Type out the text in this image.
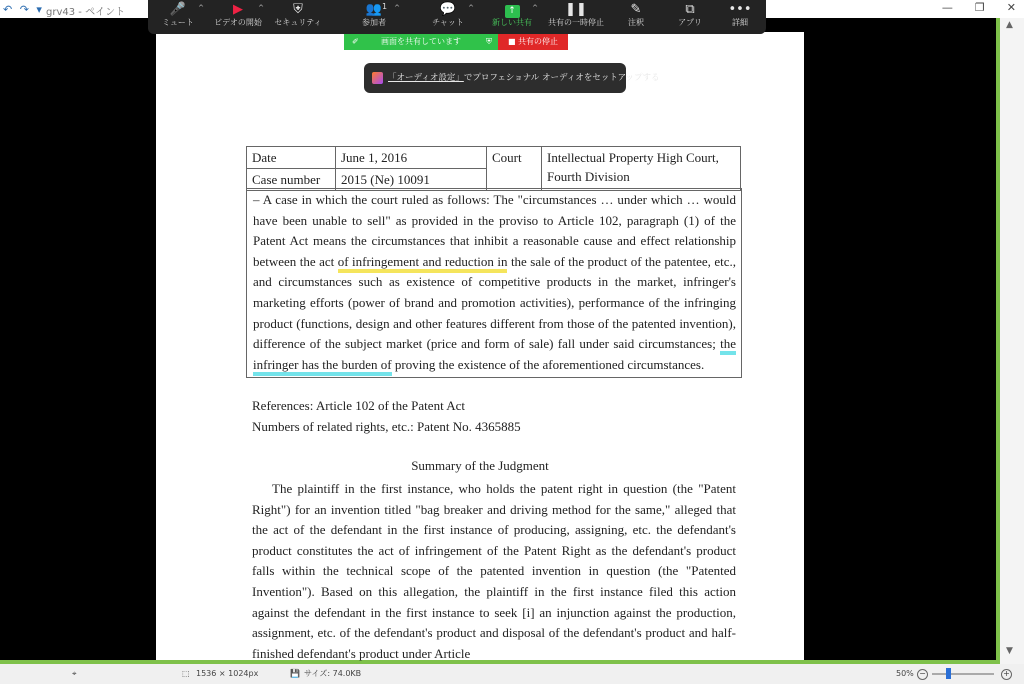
↶ ↷ ▾ grv43 - ペイント	— ❐ ✕
▲
▼
Date	June 1, 2016	Court	Intellectual Property High Court, Fourth Division
Case number	2015 (Ne) 10091		
– A case in which the court ruled as follows: The "circumstances … under which … would have been unable to sell" as provided in the proviso to Article 102, paragraph (1) of the Patent Act means the circumstances that inhibit a reasonable cause and effect relationship between the act of infringement and reduction in the sale of the product of the patentee, etc., and circumstances such as existence of competitive products in the market, infringer's marketing efforts (power of brand and promotion activities), performance of the infringing product (functions, design and other features different from those of the patented invention), difference of the subject market (price and form of sale) fall under said circumstances; the infringer has the burden of proving the existence of the aforementioned circumstances.
References: Article 102 of the Patent Act
Numbers of related rights, etc.: Patent No. 4365885
Summary of the Judgment
The plaintiff in the first instance, who holds the patent right in question (the "Patent Right") for an invention titled "bag breaker and driving method for the same," alleged that the act of the defendant in the first instance of producing, assigning, etc. the defendant's product constitutes the act of infringement of the Patent Right as the defendant's product falls within the technical scope of the patented invention in question (the "Patented Invention"). Based on this allegation, the plaintiff in the first instance filed this action against the defendant in the first instance to seek [i] an injunction against the production, assignment, etc. of the defendant's product and disposal of the defendant's product and half-finished defendant's product under Article
🎤
ミュート
^	▶
ビデオの開始
^	⛨
セキュリティ
👥 1
参加者
^	💬
チャット
^	↑
新しい共有
^	❚❚
共有の一時停止
✎
注釈
⧉
アプリ
•••
詳細
✐	画面を共有しています	⛨	■ 共有の停止
「オーディオ設定」でプロフェショナル オーディオをセットアップする
⌖	⬚ 1536 × 1024px	💾 サイズ: 74.0KB	50% −	+
